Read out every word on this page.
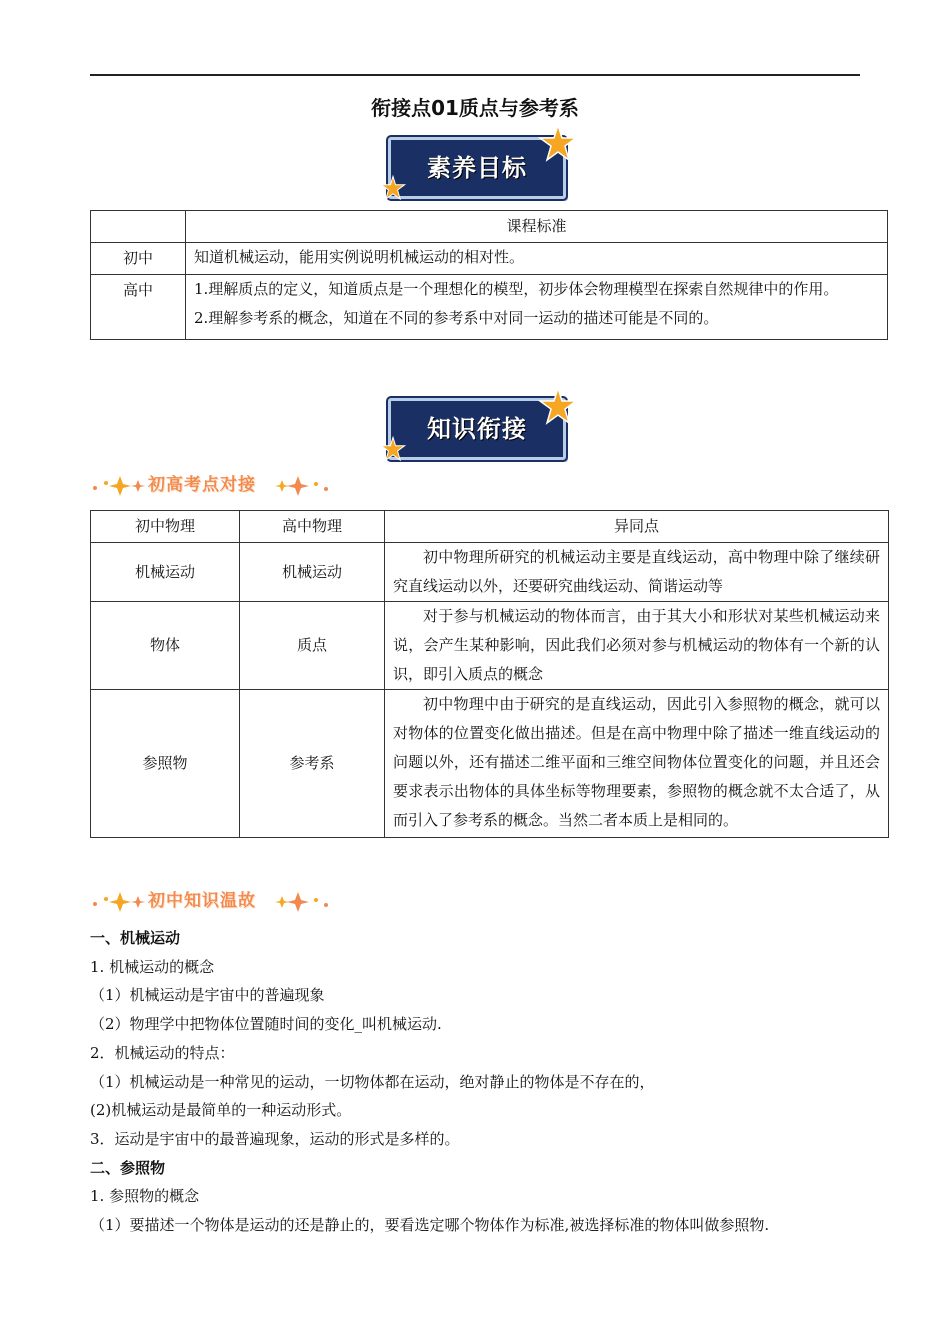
衔接点01质点与参考系
素养目标
	课程标准
初中	知道机械运动，能用实例说明机械运动的相对性。

高中	1.理解质点的定义，知道质点是一个理想化的模型，初步体会物理模型在探索自然规律中的作用。
2.理解参考系的概念，知道在不同的参考系中对同一运动的描述可能是不同的。
知识衔接
初高考点对接
初中物理	高中物理	异同点
机械运动	机械运动	初中物理所研究的机械运动主要是直线运动，高中物理中除了继续研究直线运动以外，还要研究曲线运动、简谐运动等
物体	质点	对于参与机械运动的物体而言，由于其大小和形状对某些机械运动来说，会产生某种影响，因此我们必须对参与机械运动的物体有一个新的认识，即引入质点的概念
参照物	参考系	初中物理中由于研究的是直线运动，因此引入参照物的概念，就可以对物体的位置变化做出描述。但是在高中物理中除了描述一维直线运动的问题以外，还有描述二维平面和三维空间物体位置变化的问题，并且还会要求表示出物体的具体坐标等物理要素，参照物的概念就不太合适了，从而引入了参考系的概念。当然二者本质上是相同的。
初中知识温故
一、机械运动
1. 机械运动的概念
（1）机械运动是宇宙中的普遍现象
（2）物理学中把物体位置随时间的变化_叫机械运动.
2．机械运动的特点：
（1）机械运动是一种常见的运动，一切物体都在运动，绝对静止的物体是不存在的，
(2)机械运动是最简单的一种运动形式。
3．运动是宇宙中的最普遍现象，运动的形式是多样的。
二、参照物
1. 参照物的概念
（1）要描述一个物体是运动的还是静止的，要看选定哪个物体作为标准,被选择标准的物体叫做参照物.
